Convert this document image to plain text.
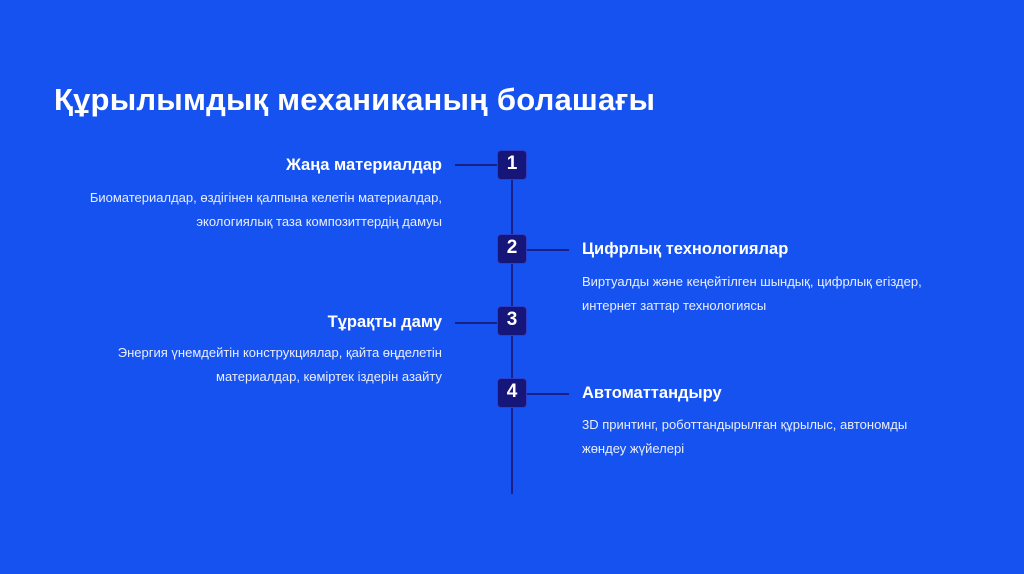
Құрылымдық механиканың болашағы
1
Жаңа материалдар
Биоматериалдар, өздігінен қалпына келетін материалдар,
экологиялық таза композиттердің дамуы
2	Цифрлық технологиялар
Виртуалды және кеңейтілген шындық, цифрлық егіздер,
интернет заттар технологиясы
3
Тұрақты даму
Энергия үнемдейтін конструкциялар, қайта өңделетін
материалдар, көміртек іздерін азайту
4	Автоматтандыру
3D принтинг, роботтандырылған құрылыс, автономды
жөндеу жүйелері
